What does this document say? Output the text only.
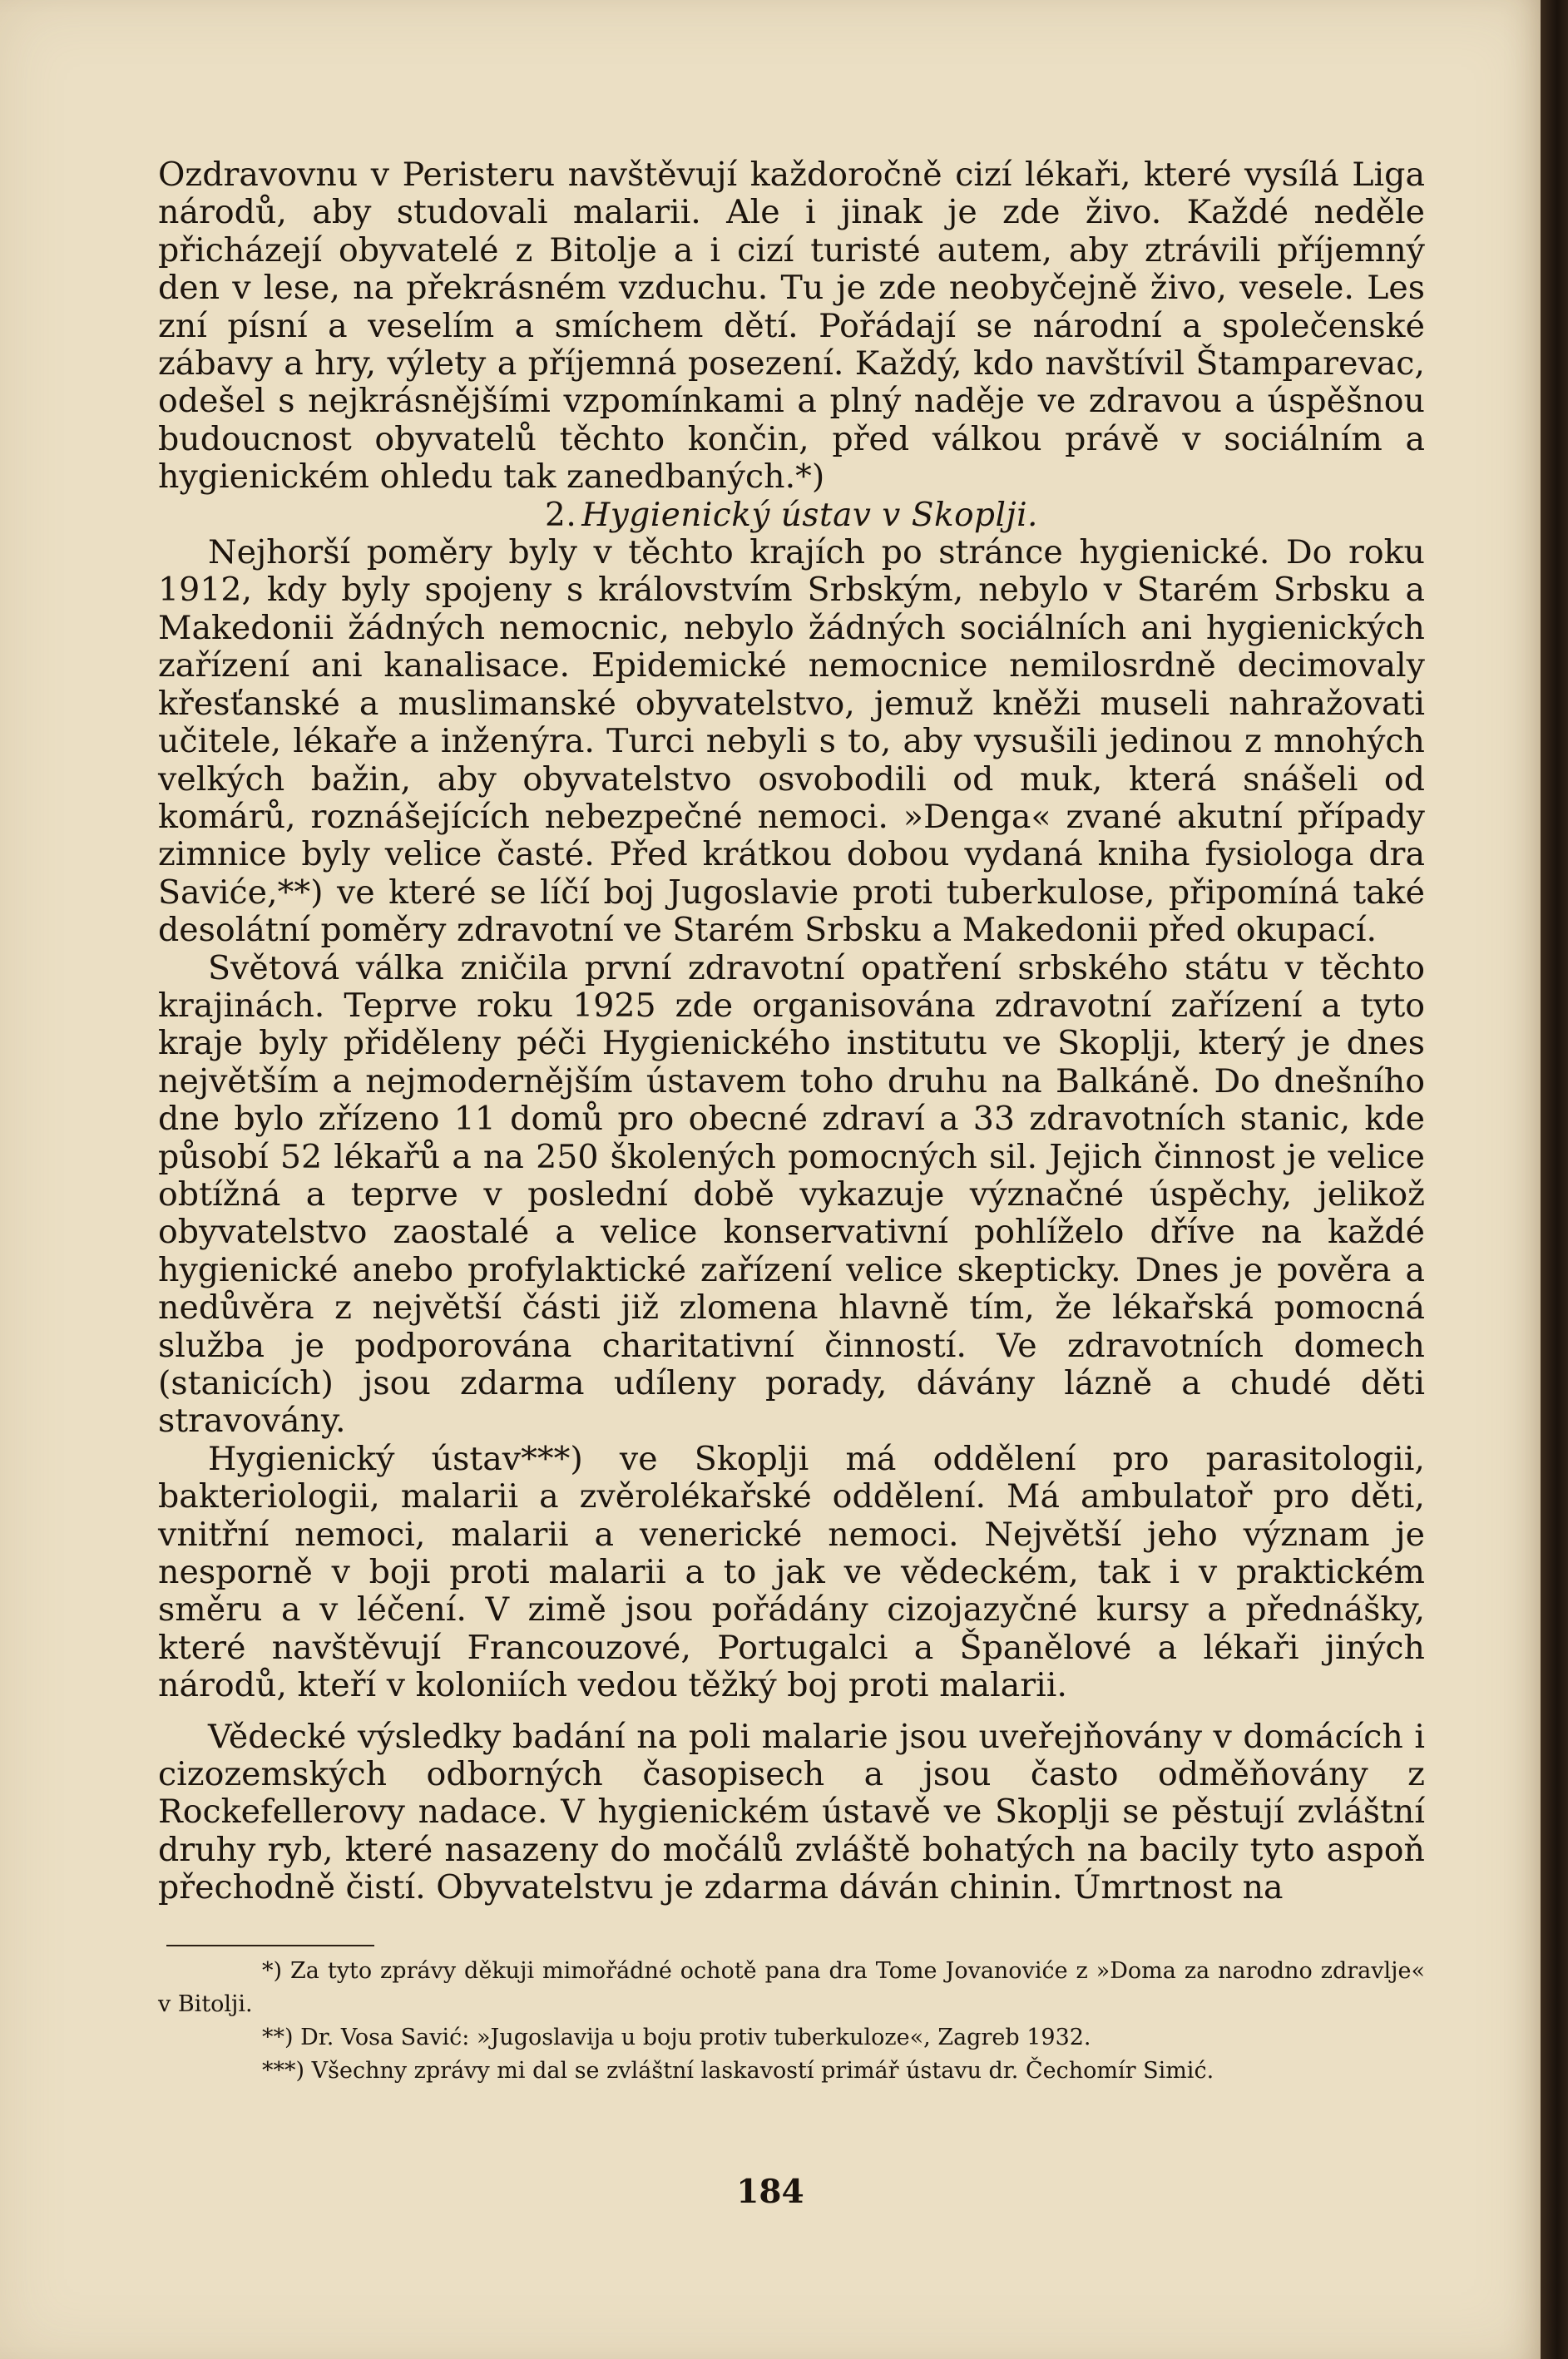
Ozdravovnu v Peristeru navštěvují každoročně cizí lékaři, které vysílá Liga národů, aby studovali malarii. Ale i jinak je zde živo. Každé neděle přicházejí obyvatelé z Bitolje a i cizí turisté autem, aby ztrávili příjemný den v lese, na překrásném vzduchu. Tu je zde neobyčejně živo, vesele. Les zní písní a veselím a smíchem dětí. Pořádají se národní a společenské zábavy a hry, výlety a příjemná posezení. Každý, kdo navštívil Štamparevac, odešel s nejkrásnějšími vzpomínkami a plný naděje ve zdravou a úspěšnou budoucnost obyvatelů těchto končin, před válkou právě v sociálním a hygienickém ohledu tak zanedbaných.*)

2. Hygienický ústav v Skoplji.

Nejhorší poměry byly v těchto krajích po stránce hygienické. Do roku 1912, kdy byly spojeny s královstvím Srbským, nebylo v Starém Srbsku a Makedonii žádných nemocnic, nebylo žádných sociálních ani hygienických zařízení ani kanalisace. Epidemické nemocnice nemilosrdně decimovaly křesťanské a muslimanské obyvatelstvo, jemuž kněži museli nahražovati učitele, lékaře a inženýra. Turci nebyli s to, aby vysušili jedinou z mnohých velkých bažin, aby obyvatelstvo osvobodili od muk, která snášeli od komárů, roznášejících nebezpečné nemoci. »Denga« zvané akutní případy zimnice byly velice časté. Před krátkou dobou vydaná kniha fysiologa dra Saviće,**) ve které se líčí boj Jugoslavie proti tuberkulose, připomíná také desolátní poměry zdravotní ve Starém Srbsku a Makedonii před okupací.

Světová válka zničila první zdravotní opatření srbského státu v těchto krajinách. Teprve roku 1925 zde organisována zdravotní zařízení a tyto kraje byly přiděleny péči Hygienického institutu ve Skoplji, který je dnes největším a nejmodernějším ústavem toho druhu na Balkáně. Do dnešního dne bylo zřízeno 11 domů pro obecné zdraví a 33 zdravotních stanic, kde působí 52 lékařů a na 250 školených pomocných sil. Jejich činnost je velice obtížná a teprve v poslední době vykazuje význačné úspěchy, jelikož obyvatelstvo zaostalé a velice konservativní pohlíželo dříve na každé hygienické anebo profylaktické zařízení velice skepticky. Dnes je pověra a nedůvěra z největší části již zlomena hlavně tím, že lékařská pomocná služba je podporována charitativní činností. Ve zdravotních domech (stanicích) jsou zdarma udíleny porady, dávány lázně a chudé děti stravovány.

Hygienický ústav***) ve Skoplji má oddělení pro parasitologii, bakteriologii, malarii a zvěrolékařské oddělení. Má ambulatoř pro děti, vnitřní nemoci, malarii a venerické nemoci. Největší jeho význam je nesporně v boji proti malarii a to jak ve vědeckém, tak i v praktickém směru a v léčení. V zimě jsou pořádány cizojazyčné kursy a přednášky, které navštěvují Francouzové, Portugalci a Španělové a lékaři jiných národů, kteří v koloniích vedou těžký boj proti malarii.

Vědecké výsledky badání na poli malarie jsou uveřejňovány v domácích i cizozemských odborných časopisech a jsou často odměňovány z Rockefellerovy nadace. V hygienickém ústavě ve Skoplji se pěstují zvláštní druhy ryb, které nasazeny do močálů zvláště bohatých na bacily tyto aspoň přechodně čistí. Obyvatelstvu je zdarma dáván chinin. Úmrtnost na

*) Za tyto zprávy děkuji mimořádné ochotě pana dra Tome Jovanoviće z »Doma za narodno zdravlje« v Bitolji.

**) Dr. Vosa Savić: »Jugoslavija u boju protiv tuberkuloze«, Zagreb 1932.

***) Všechny zprávy mi dal se zvláštní laskavostí primář ústavu dr. Čechomír Simić.

184
